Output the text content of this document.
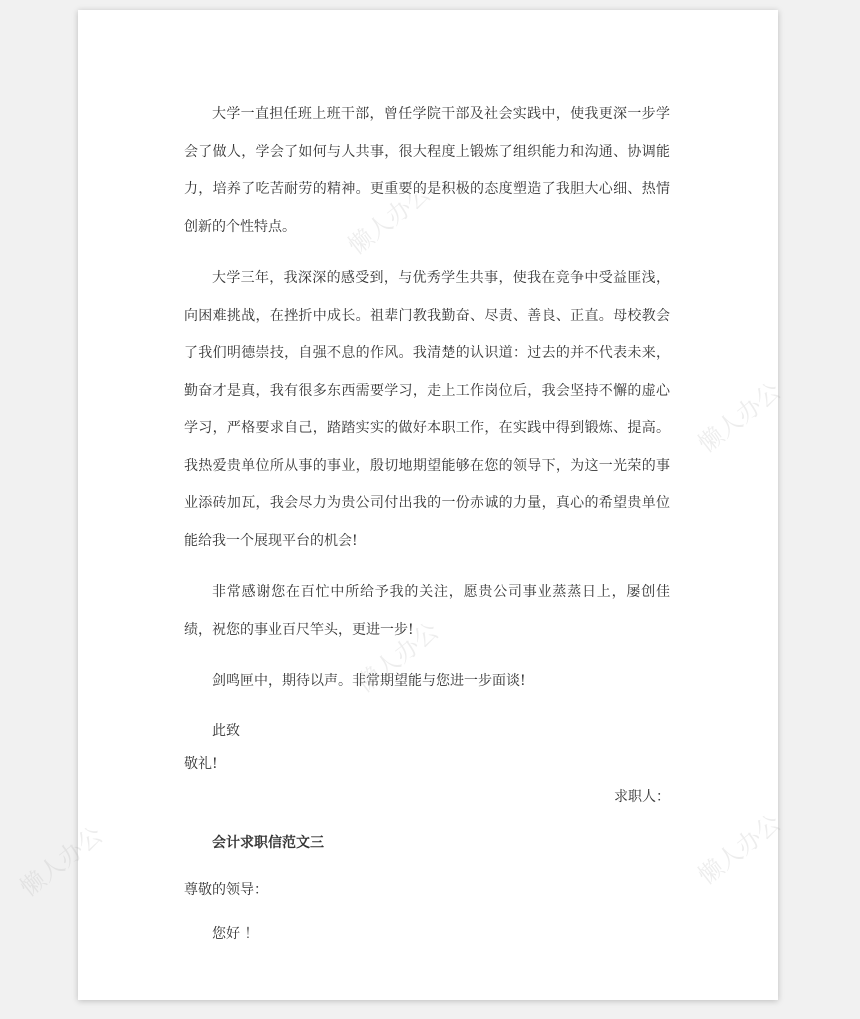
大学一直担任班上班干部，曾任学院干部及社会实践中，使我更深一步学会了做人，学会了如何与人共事，很大程度上锻炼了组织能力和沟通、协调能力，培养了吃苦耐劳的精神。更重要的是积极的态度塑造了我胆大心细、热情创新的个性特点。

大学三年，我深深的感受到，与优秀学生共事，使我在竞争中受益匪浅，向困难挑战，在挫折中成长。祖辈门教我勤奋、尽责、善良、正直。母校教会了我们明德崇技，自强不息的作风。我清楚的认识道：过去的并不代表未来，勤奋才是真，我有很多东西需要学习，走上工作岗位后，我会坚持不懈的虚心学习，严格要求自己，踏踏实实的做好本职工作，在实践中得到锻炼、提高。我热爱贵单位所从事的事业，殷切地期望能够在您的领导下，为这一光荣的事业添砖加瓦，我会尽力为贵公司付出我的一份赤诚的力量，真心的希望贵单位能给我一个展现平台的机会!

非常感谢您在百忙中所给予我的关注，愿贵公司事业蒸蒸日上，屡创佳绩，祝您的事业百尺竿头，更进一步!

剑鸣匣中，期待以声。非常期望能与您进一步面谈!

此致

敬礼!

求职人：

会计求职信范文三

尊敬的领导：

您好 ！

懒人办公
懒人办公
懒人办公
懒人办公
懒人办公
